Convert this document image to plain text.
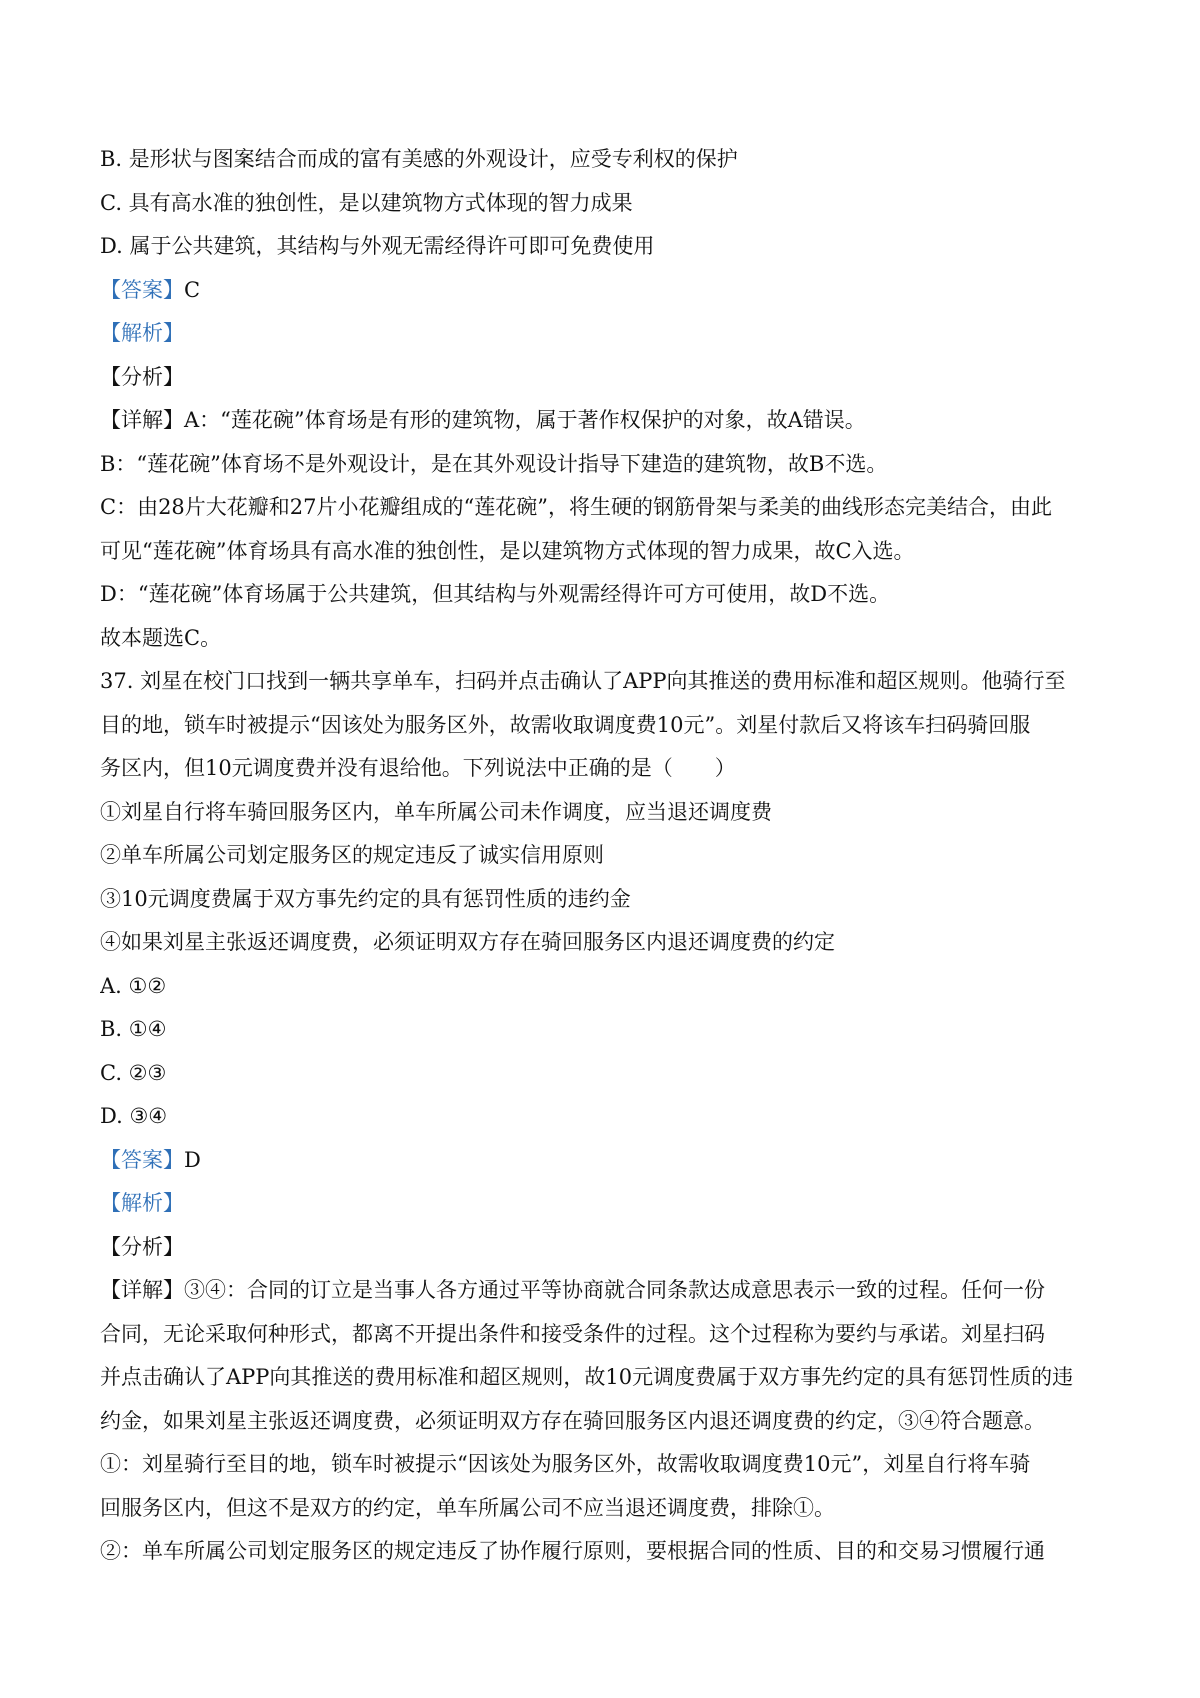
B. 是形状与图案结合而成的富有美感的外观设计，应受专利权的保护
C. 具有高水准的独创性，是以建筑物方式体现的智力成果
D. 属于公共建筑，其结构与外观无需经得许可即可免费使用
【答案】C
【解析】
【分析】
【详解】A：“莲花碗”体育场是有形的建筑物，属于著作权保护的对象，故A错误。
B：“莲花碗”体育场不是外观设计，是在其外观设计指导下建造的建筑物，故B不选。
C：由28片大花瓣和27片小花瓣组成的“莲花碗”，将生硬的钢筋骨架与柔美的曲线形态完美结合，由此
可见“莲花碗”体育场具有高水准的独创性，是以建筑物方式体现的智力成果，故C入选。
D：“莲花碗”体育场属于公共建筑，但其结构与外观需经得许可方可使用，故D不选。
故本题选C。
37. 刘星在校门口找到一辆共享单车，扫码并点击确认了APP向其推送的费用标准和超区规则。他骑行至
目的地，锁车时被提示“因该处为服务区外，故需收取调度费10元”。刘星付款后又将该车扫码骑回服
务区内，但10元调度费并没有退给他。下列说法中正确的是（　　）
①刘星自行将车骑回服务区内，单车所属公司未作调度，应当退还调度费
②单车所属公司划定服务区的规定违反了诚实信用原则
③10元调度费属于双方事先约定的具有惩罚性质的违约金
④如果刘星主张返还调度费，必须证明双方存在骑回服务区内退还调度费的约定
A. ①②
B. ①④
C. ②③
D. ③④
【答案】D
【解析】
【分析】
【详解】③④：合同的订立是当事人各方通过平等协商就合同条款达成意思表示一致的过程。任何一份
合同，无论采取何种形式，都离不开提出条件和接受条件的过程。这个过程称为要约与承诺。刘星扫码
并点击确认了APP向其推送的费用标准和超区规则，故10元调度费属于双方事先约定的具有惩罚性质的违
约金，如果刘星主张返还调度费，必须证明双方存在骑回服务区内退还调度费的约定，③④符合题意。
①：刘星骑行至目的地，锁车时被提示“因该处为服务区外，故需收取调度费10元”，刘星自行将车骑
回服务区内，但这不是双方的约定，单车所属公司不应当退还调度费，排除①。
②：单车所属公司划定服务区的规定违反了协作履行原则，要根据合同的性质、目的和交易习惯履行通
